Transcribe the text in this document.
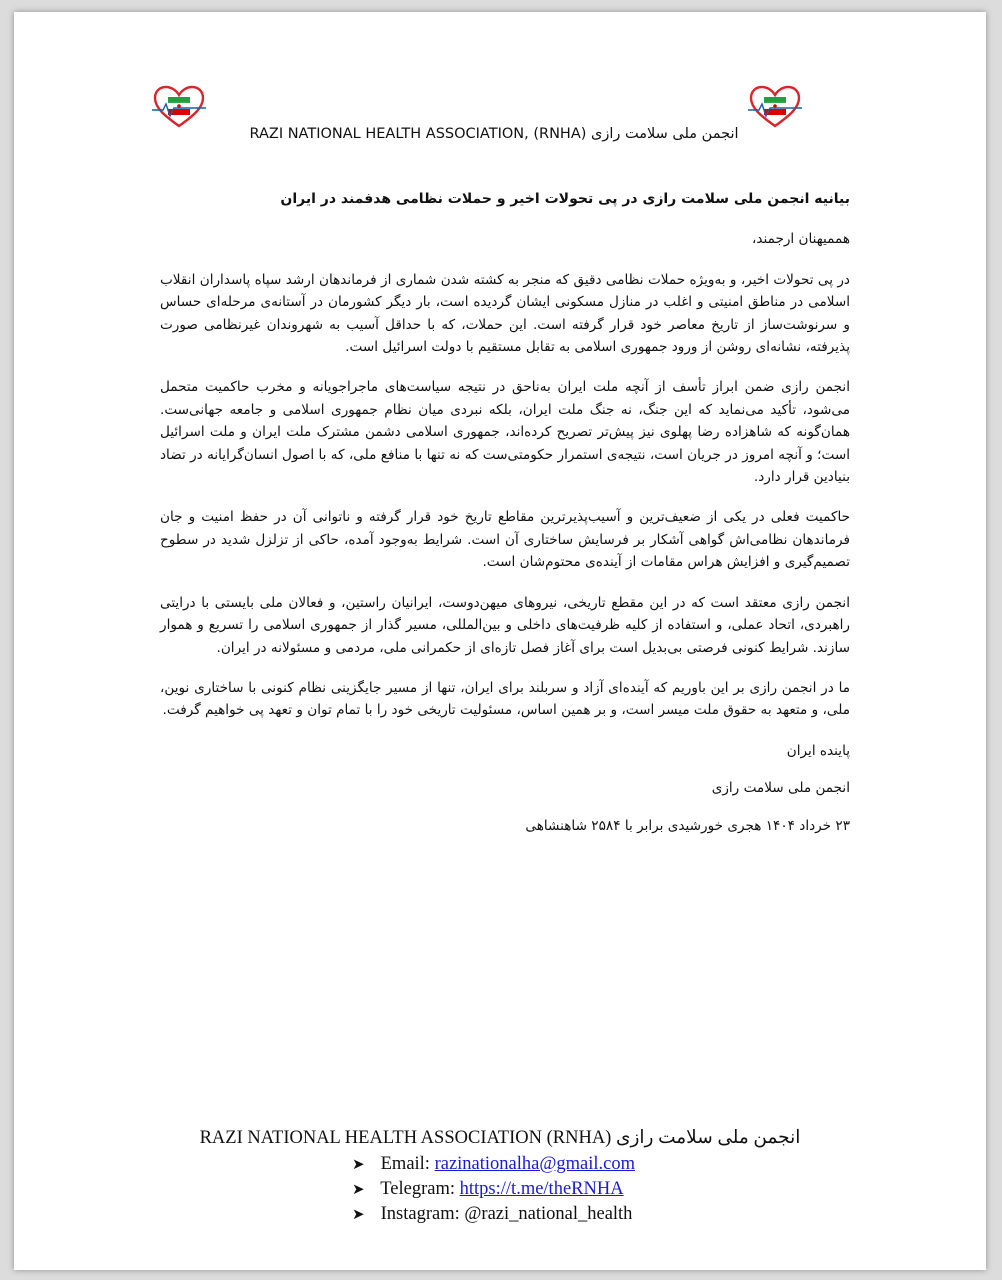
انجمن ملی سلامت رازی RAZI NATIONAL HEALTH ASSOCIATION, (RNHA)

بیانیه انجمن ملی سلامت رازی در پی تحولات اخیر و حملات نظامی هدفمند در ایران

هممیهنان ارجمند،

در پی تحولات اخیر، و به‌ویژه حملات نظامی دقیق که منجر به کشته شدن شماری از فرماندهان ارشد سپاه پاسداران انقلاب اسلامی در مناطق امنیتی و اغلب در منازل مسکونی ایشان گردیده است، بار دیگر کشورمان در آستانه‌ی مرحله‌ای حساس و سرنوشت‌ساز از تاریخ معاصر خود قرار گرفته است. این حملات، که با حداقل آسیب به شهروندان غیرنظامی صورت پذیرفته، نشانه‌ای روشن از ورود جمهوری اسلامی به تقابل مستقیم با دولت اسرائیل است.

انجمن رازی ضمن ابراز تأسف از آنچه ملت ایران به‌ناحق در نتیجه سیاست‌های ماجراجویانه و مخرب حاکمیت متحمل می‌شود، تأکید می‌نماید که این جنگ، نه جنگ ملت ایران، بلکه نبردی میان نظام جمهوری اسلامی و جامعه جهانی‌ست. همان‌گونه که شاهزاده رضا پهلوی نیز پیش‌تر تصریح کرده‌اند، جمهوری اسلامی دشمن مشترک ملت ایران و ملت اسرائیل است؛ و آنچه امروز در جریان است، نتیجه‌ی استمرار حکومتی‌ست که نه تنها با منافع ملی، که با اصول انسان‌گرایانه در تضاد بنیادین قرار دارد.

حاکمیت فعلی در یکی از ضعیف‌ترین و آسیب‌پذیرترین مقاطع تاریخ خود قرار گرفته و ناتوانی آن در حفظ امنیت و جان فرماندهان نظامی‌اش گواهی آشکار بر فرسایش ساختاری آن است. شرایط به‌وجود آمده، حاکی از تزلزل شدید در سطوح تصمیم‌گیری و افزایش هراس مقامات از آینده‌ی محتوم‌شان است.

انجمن رازی معتقد است که در این مقطع تاریخی، نیروهای میهن‌دوست، ایرانیان راستین، و فعالان ملی بایستی با درایتی راهبردی، اتحاد عملی، و استفاده از کلیه ظرفیت‌های داخلی و بین‌المللی، مسیر گذار از جمهوری اسلامی را تسریع و هموار سازند. شرایط کنونی فرصتی بی‌بدیل است برای آغاز فصل تازه‌ای از حکمرانی ملی، مردمی و مسئولانه در ایران.

ما در انجمن رازی بر این باوریم که آینده‌ای آزاد و سربلند برای ایران، تنها از مسیر جایگزینی نظام کنونی با ساختاری نوین، ملی، و متعهد به حقوق ملت میسر است، و بر همین اساس، مسئولیت تاریخی خود را با تمام توان و تعهد پی خواهیم گرفت.

پاینده ایران

انجمن ملی سلامت رازی

۲۳ خرداد ۱۴۰۴ هجری خورشیدی برابر با ۲۵۸۴ شاهنشاهی

انجمن ملی سلامت رازی RAZI NATIONAL HEALTH ASSOCIATION (RNHA)
➤ Email: razinationalha@gmail.com
➤ Telegram: https://t.me/theRNHA
➤ Instagram: @razi_national_health
